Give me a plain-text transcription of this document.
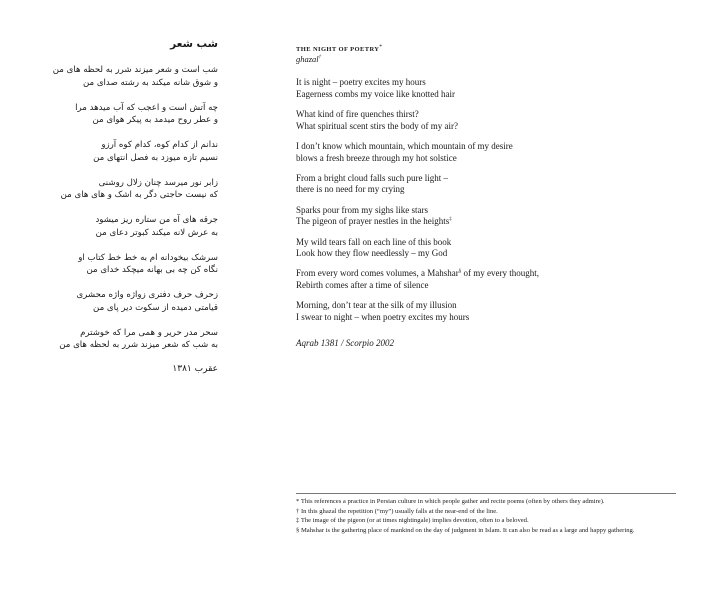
شب شعر
شب است و شعر میزند شرر به لحظه های من
و شوق شانه میکند به رشته صدای من
چه آتش است و اعجب که آب میدهد مرا
و عطر روح میدمد به پیکر هوای من
ندانم از کدام کوه، کدام کوه آرزو
نسیم تازه میوزد به فصل انتهای من
زابر نور میرسد چنان زلال روشنی
که نیست حاجتی دگر به اشک و های های من
جرقه های آه من ستاره ریز میشود
به عرش لانه میکند کبوتر دعای من
سرشک بیخودانه ام به خط خط کتاب او
نگاه کن چه بی بهانه میچکد خدای من
زحرف حرف دفتری زواژه واژه محشری
قیامتی دمیده از سکوت دیر پای من
سحر مدر حریر و همی مرا که خوشترم
به شب که شعر میزند شرر به لحظه های من
عقرب ۱۳۸۱
THE NIGHT OF POETRY*
ghazal†
It is night – poetry excites my hours
Eagerness combs my voice like knotted hair
What kind of fire quenches thirst?
What spiritual scent stirs the body of my air?
I don’t know which mountain, which mountain of my desire
blows a fresh breeze through my hot solstice
From a bright cloud falls such pure light –
there is no need for my crying
Sparks pour from my sighs like stars
The pigeon of prayer nestles in the heights‡
My wild tears fall on each line of this book
Look how they flow needlessly – my God
From every word comes volumes, a Mahshar§ of my every thought,
Rebirth comes after a time of silence
Morning, don’t tear at the silk of my illusion
I swear to night – when poetry excites my hours
Aqrab 1381 / Scorpio 2002
* This references a practice in Persian culture in which people gather and recite poems (often by others they admire).
† In this ghazal the repetition (“my”) usually falls at the near-end of the line.
‡ The image of the pigeon (or at times nightingale) implies devotion, often to a beloved.
§ Mahshar is the gathering place of mankind on the day of judgment in Islam. It can also be read as a large and happy gathering.
